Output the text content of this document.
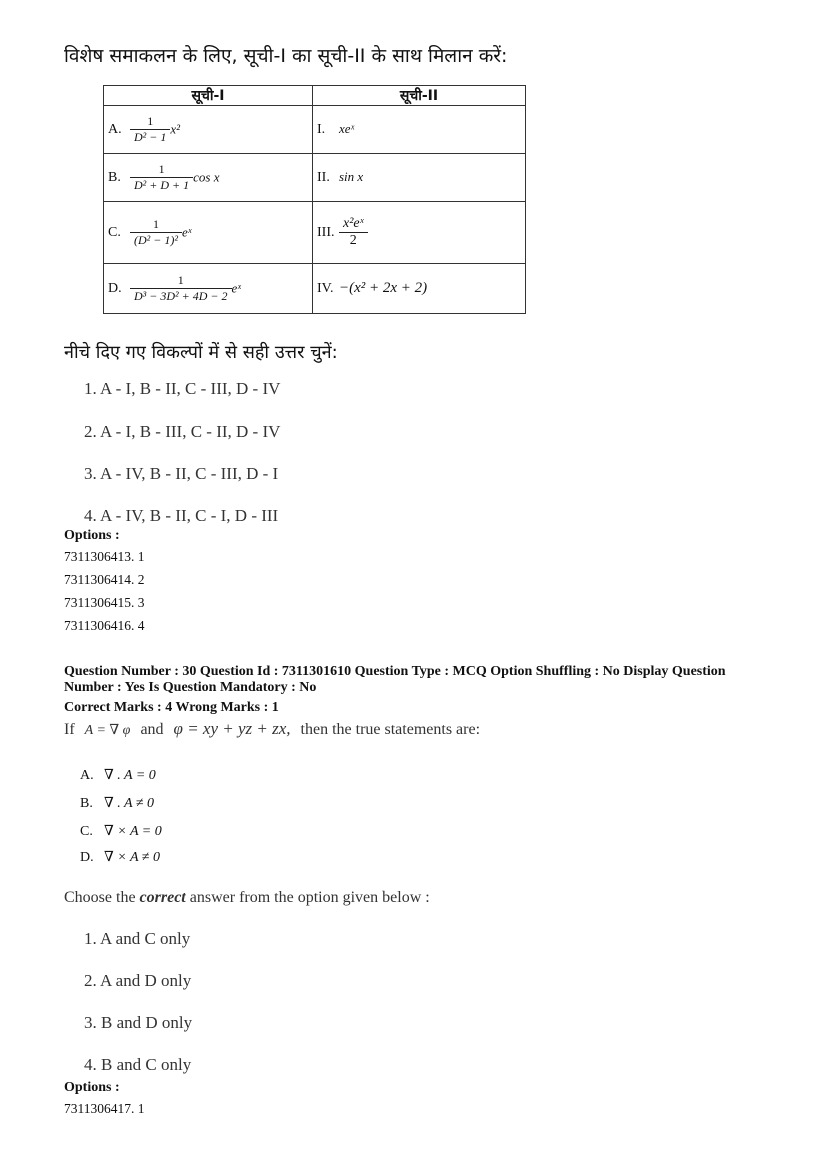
विशेष समाकलन के लिए, सूची-I का सूची-II के साथ मिलान करें:
सूची-I	सूची-II
A. $\frac{1}{\text{D² − 1}} x^2$	I. xeˣ
B. $\frac{1}{\text{D² + D + 1}}$ cos x	II. sin x
C. $\frac{1}{\text{(D² − 1)²}}$ eˣ	III. $\frac{\text{x²eˣ}}{2}$

D. $\frac{1}{\text{D³ − 3D² + 4D − 2}}$ eˣ	IV. −(x² + 2x + 2)
नीचे दिए गए विकल्पों में से सही उत्तर चुनें:
1. A - I, B - II, C - III, D - IV
2. A - I, B - III, C - II, D - IV
3. A - IV, B - II, C - III, D - I
4. A - IV, B - II, C - I, D - III
Options :
7311306413. 1
7311306414. 2
7311306415. 3
7311306416. 4
Question Number : 30 Question Id : 7311301610 Question Type : MCQ Option Shuffling : No Display Question
Number : Yes Is Question Mandatory : No
Correct Marks : 4 Wrong Marks : 1
If A = ∇ φ and φ = xy + yz + zx, then the true statements are:
A. ∇ . A = 0
B. ∇ . A ≠ 0
C. ∇ × A = 0
D. ∇ × A ≠ 0
Choose the correct answer from the option given below :
1. A and C only
2. A and D only
3. B and D only
4. B and C only
Options :
7311306417. 1
